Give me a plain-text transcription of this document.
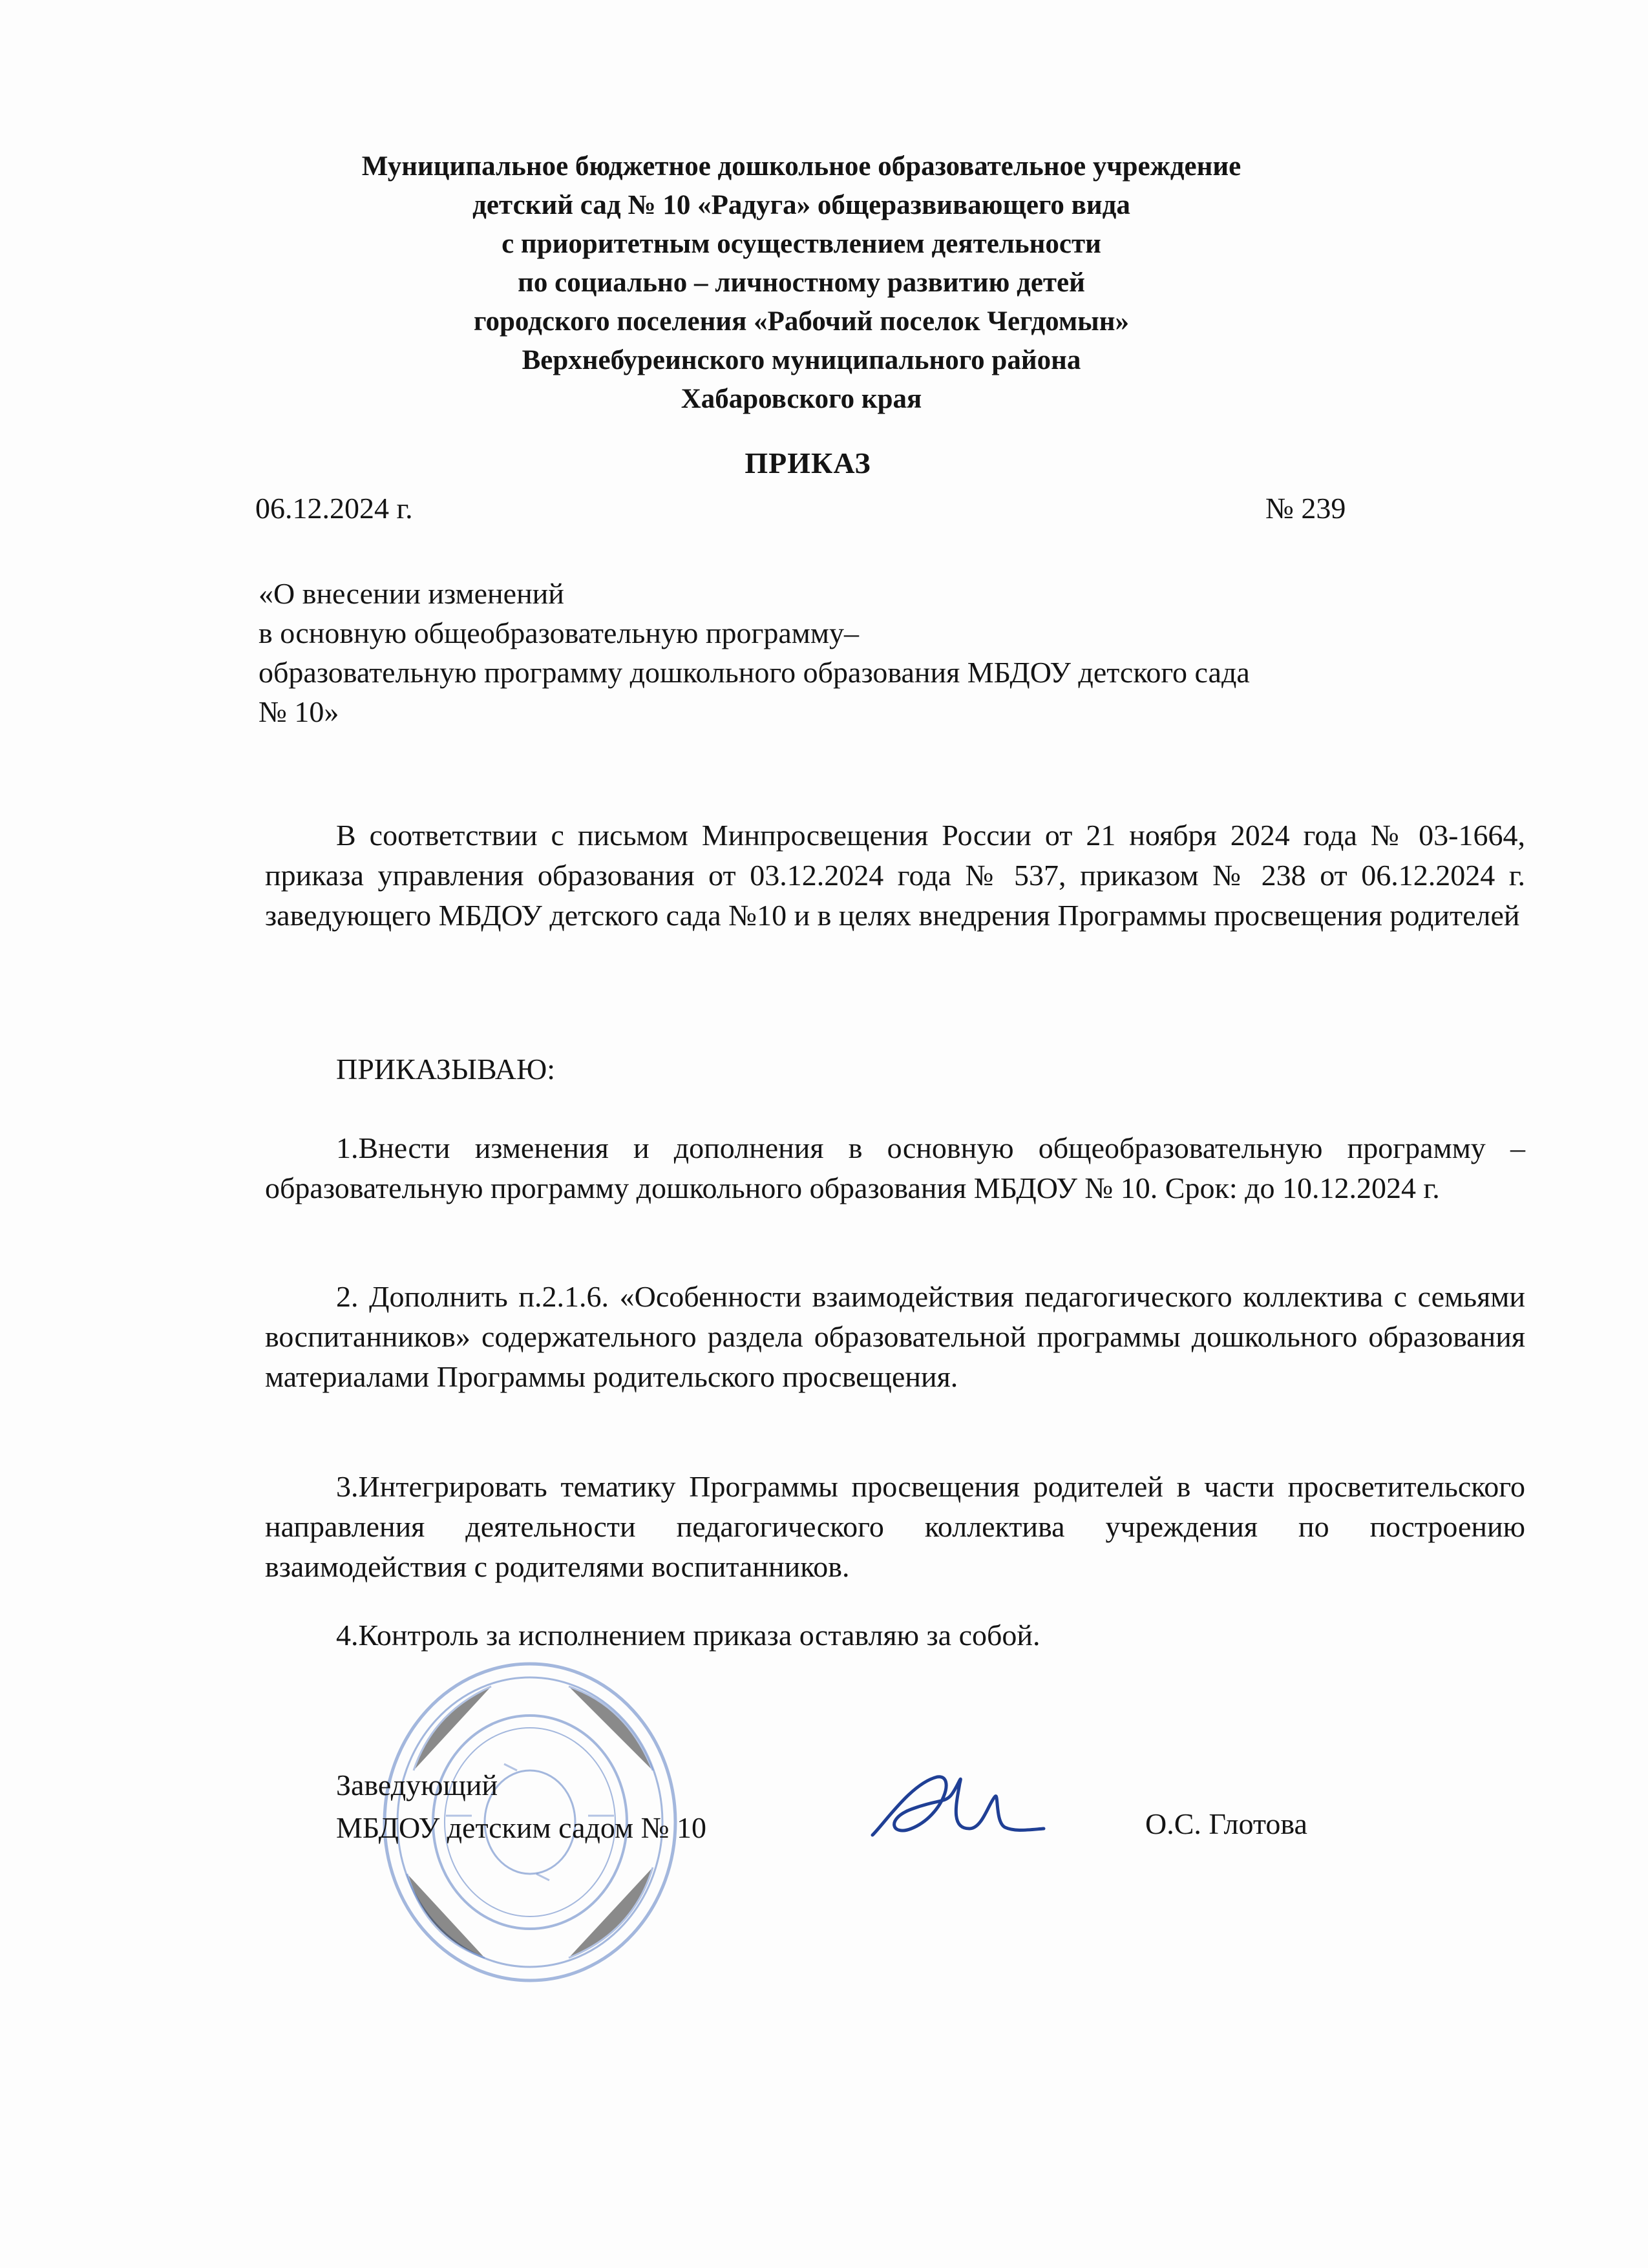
Муниципальное бюджетное дошкольное образовательное учреждение
детский сад № 10 «Радуга» общеразвивающего вида
с приоритетным осуществлением деятельности
по социально – личностному развитию детей
городского поселения «Рабочий поселок Чегдомын»
Верхнебуреинского муниципального района
Хабаровского края
ПРИКАЗ
06.12.2024 г.	№ 239
«О внесении изменений
в основную общеобразовательную программу–
образовательную программу дошкольного образования МБДОУ детского сада
№ 10»

В соответствии с письмом Минпросвещения России от 21 ноября 2024 года № 03-1664, приказа управления образования от 03.12.2024 года № 537, приказом № 238 от 06.12.2024 г. заведующего МБДОУ детского сада №10 и в целях внедрения Программы просвещения родителей

ПРИКАЗЫВАЮ:

1.Внести изменения и дополнения в основную общеобразовательную программу – образовательную программу дошкольного образования МБДОУ № 10. Срок: до 10.12.2024 г.

2. Дополнить п.2.1.6. «Особенности взаимодействия педагогического коллектива с семьями воспитанников» содержательного раздела образовательной программы дошкольного образования материалами Программы родительского просвещения.

3.Интегрировать тематику Программы просвещения родителей в части просветительского направления деятельности педагогического коллектива учреждения по построению взаимодействия с родителями воспитанников.

4.Контроль за исполнением приказа оставляю за собой.

Заведующий
МБДОУ детским садом № 10	О.С. Глотова
